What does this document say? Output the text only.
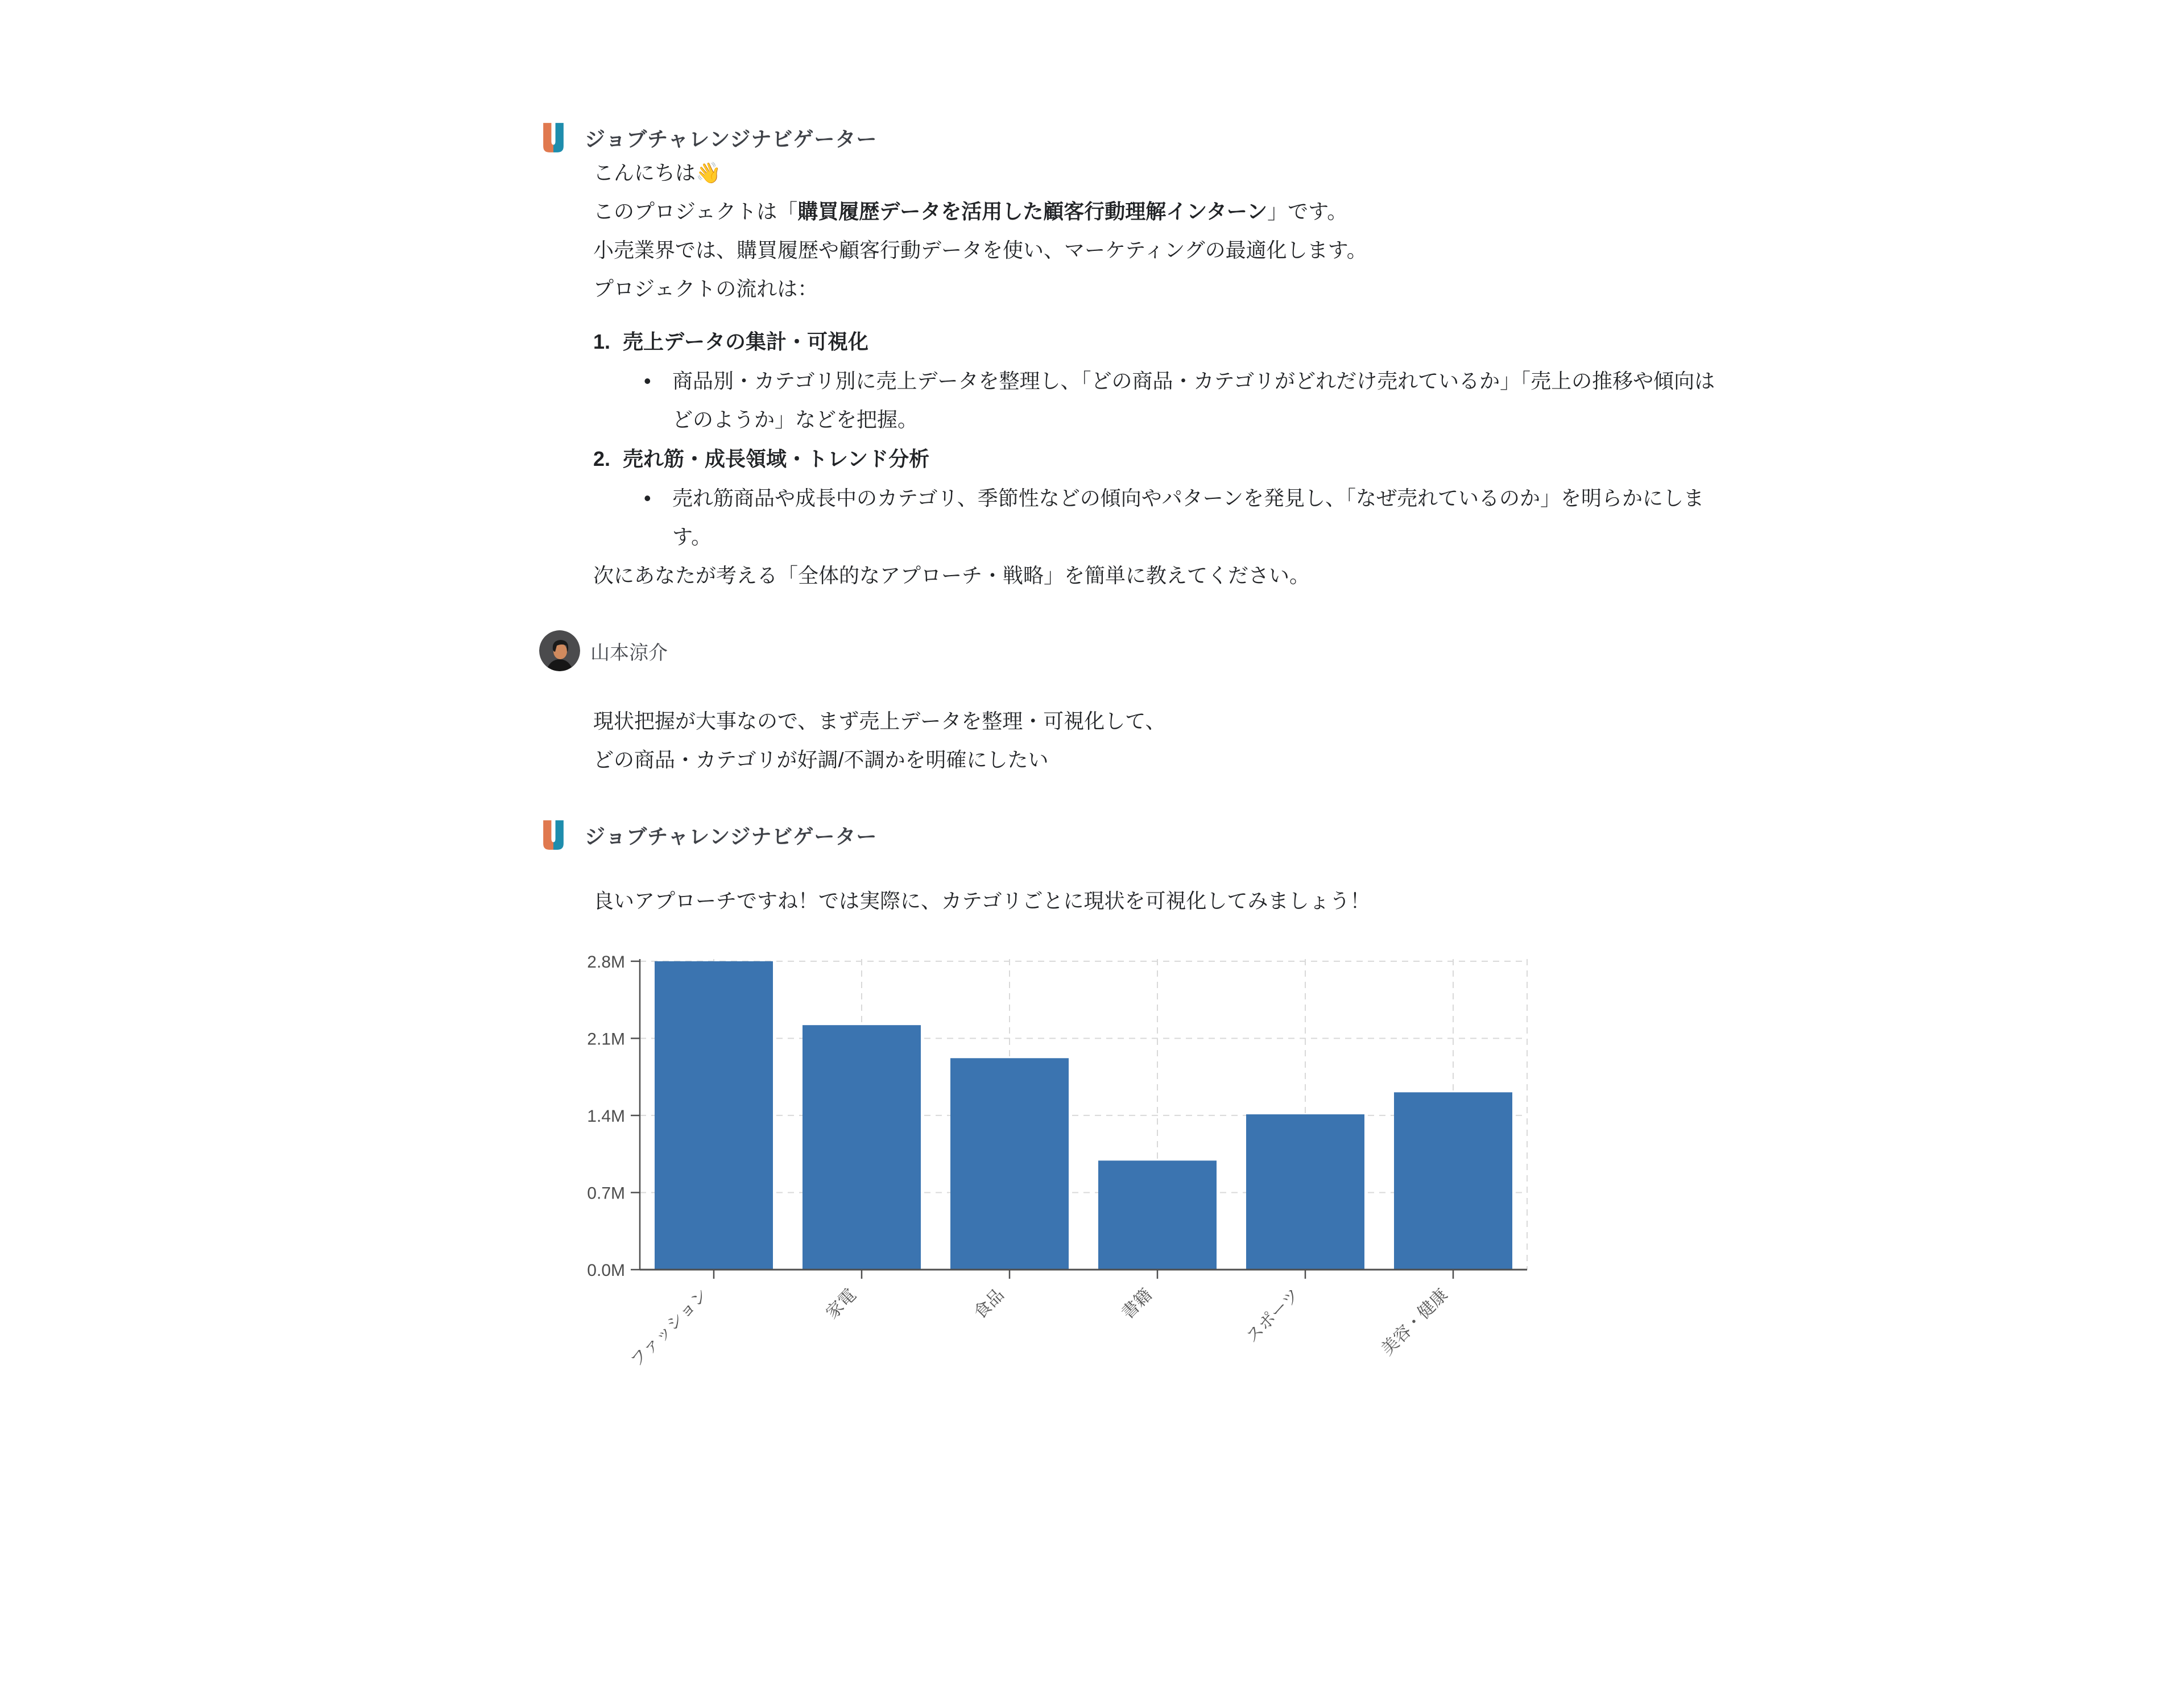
ジョブチャレンジナビゲーター

こんにちは👋
このプロジェクトは「購買履歴データを活用した顧客行動理解インターン」です。
小売業界では、購買履歴や顧客行動データを使い、マーケティングの最適化します。

プロジェクトの流れは：

1. 売上データの集計・可視化
•	商品別・カテゴリ別に売上データを整理し、「どの商品・カテゴリがどれだけ売れているか」「売上の推移や傾向はどのようか」などを把握。
2. 売れ筋・成長領域・トレンド分析
•	売れ筋商品や成長中のカテゴリ、季節性などの傾向やパターンを発見し、「なぜ売れているのか」を明らかにします。

次にあなたが考える「全体的なアプローチ・戦略」を簡単に教えてください。

山本涼介

現状把握が大事なので、まず売上データを整理・可視化して、
どの商品・カテゴリが好調/不調かを明確にしたい

ジョブチャレンジナビゲーター

良いアプローチですね！では実際に、カテゴリごとに現状を可視化してみましょう！

0.0M
0.7M
1.4M
2.1M
2.8M
ファッション	家電	食品	書籍	スポーツ	美容・健康
